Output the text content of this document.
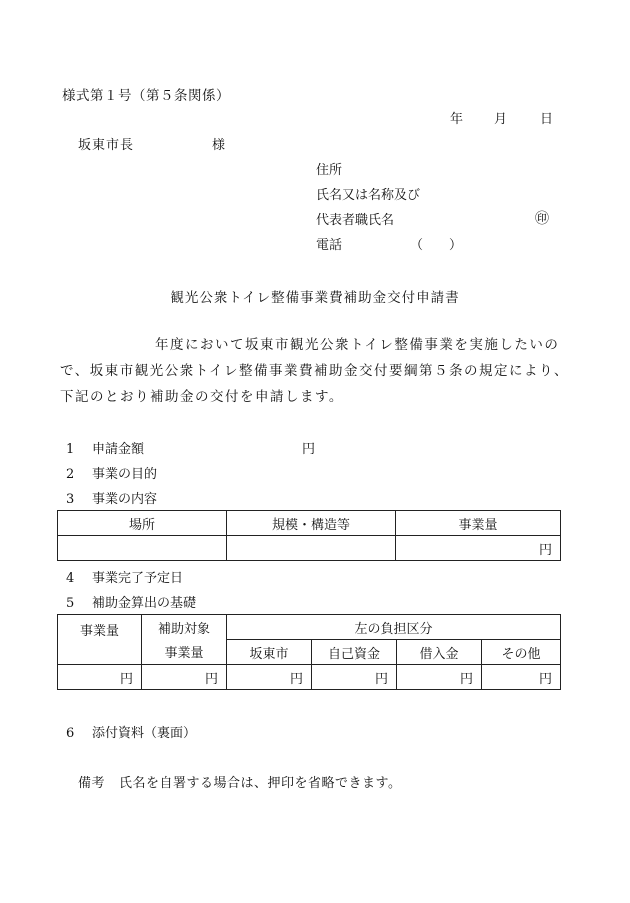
様式第１号（第５条関係）
年 月	日
坂東市長	様
住所
氏名又は名称及び
代表者職氏名	㊞
電話	（　　）
観光公衆トイレ整備事業費補助金交付申請書
年度において坂東市観光公衆トイレ整備事業を実施したいので、坂東市観光公衆トイレ整備事業費補助金交付要綱第５条の規定により、下記のとおり補助金の交付を申請します。
1 申請金額	円
2 事業の目的
3 事業の内容
場所	規模・構造等	事業量
		円
4 事業完了予定日
5 補助金算出の基礎
事業量	補助対象	左の負担区分			
	事業量	坂東市	自己資金	借入金	その他
円	円	円	円	円	円
6 添付資料（裏面）
備考 氏名を自署する場合は、押印を省略できます。
